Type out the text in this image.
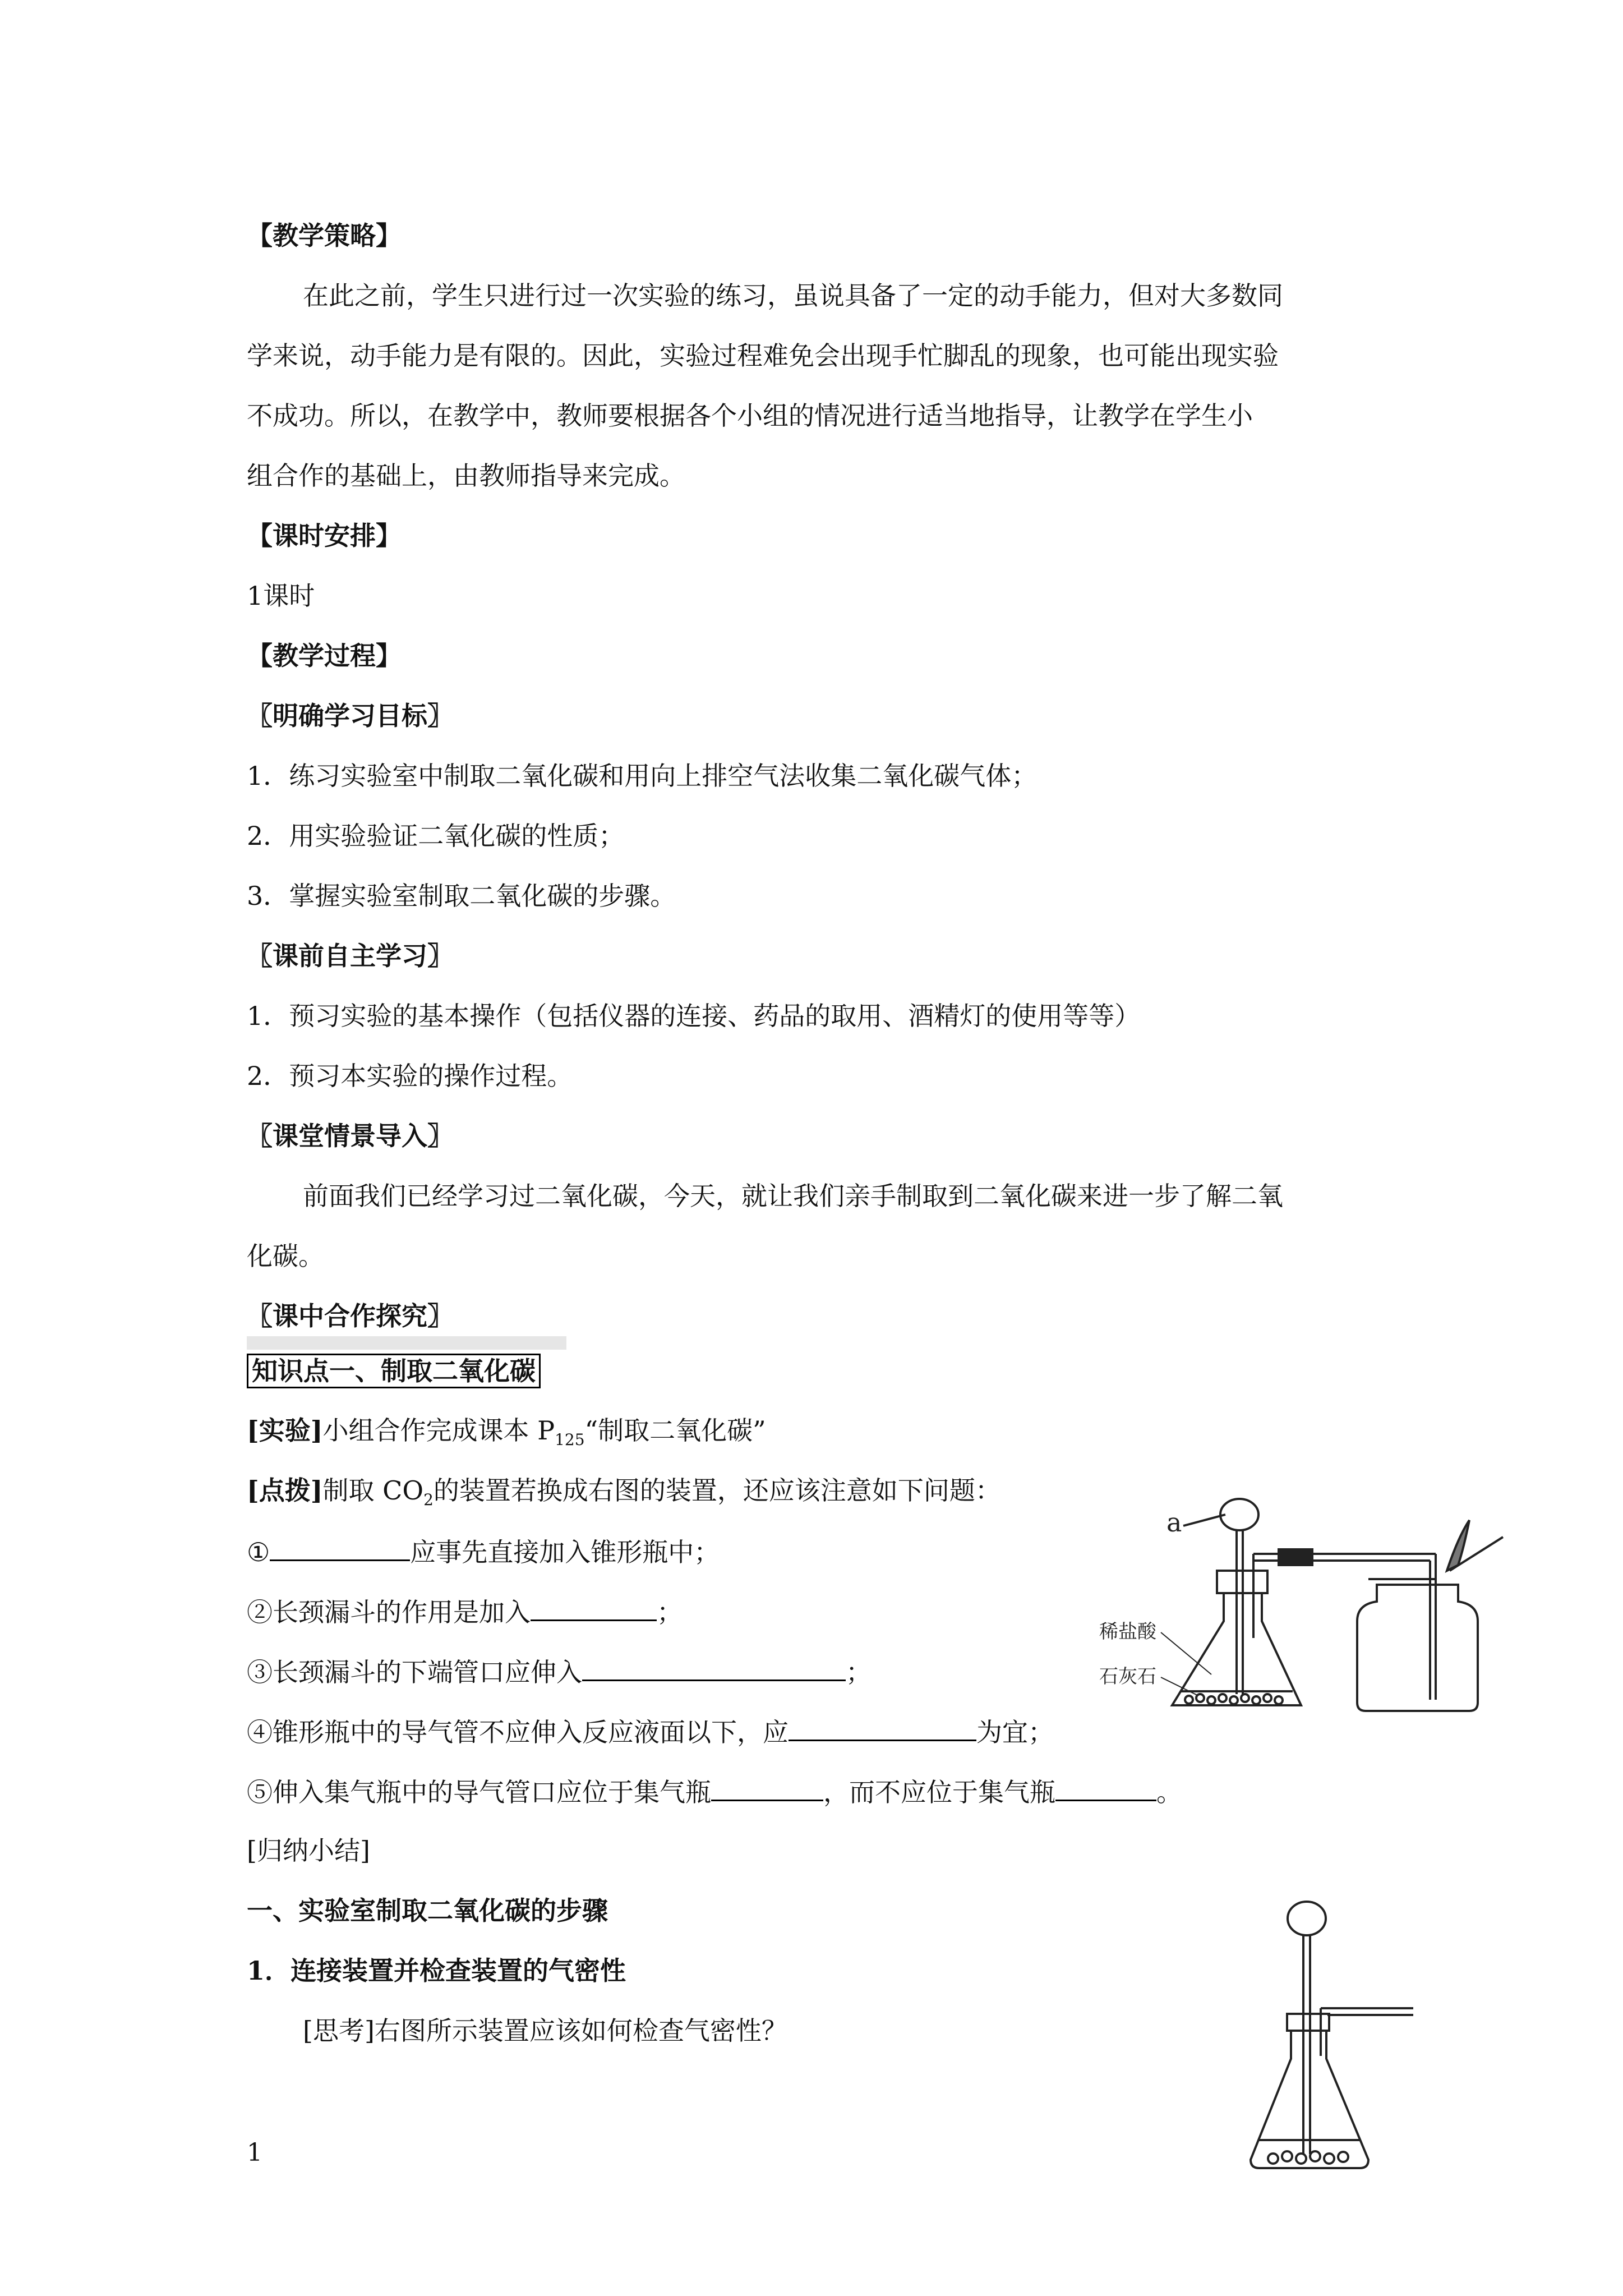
【教学策略】
在此之前，学生只进行过一次实验的练习，虽说具备了一定的动手能力，但对大多数同
学来说，动手能力是有限的。因此，实验过程难免会出现手忙脚乱的现象，也可能出现实验
不成功。所以，在教学中，教师要根据各个小组的情况进行适当地指导，让教学在学生小
组合作的基础上，由教师指导来完成。
【课时安排】
1课时
【教学过程】
〖明确学习目标〗
1．练习实验室中制取二氧化碳和用向上排空气法收集二氧化碳气体；
2．用实验验证二氧化碳的性质；
3．掌握实验室制取二氧化碳的步骤。
〖课前自主学习〗
1．预习实验的基本操作（包括仪器的连接、药品的取用、酒精灯的使用等等）
2．预习本实验的操作过程。
〖课堂情景导入〗
前面我们已经学习过二氧化碳，今天，就让我们亲手制取到二氧化碳来进一步了解二氧
化碳。
〖课中合作探究〗
知识点一、制取二氧化碳
[实验]小组合作完成课本 $P_{125}“$制取二氧化碳”
[点拨]制取 $CO_2$的装置若换成右图的装置，还应该注意如下问题：
①	应事先直接加入锥形瓶中；
②长颈漏斗的作用是加入	；
③长颈漏斗的下端管口应伸入	；
④锥形瓶中的导气管不应伸入反应液面以下，应	为宜；
⑤伸入集气瓶中的导气管口应位于集气瓶	，而不应位于集气瓶	。
[归纳小结]
一、实验室制取二氧化碳的步骤
1．连接装置并检查装置的气密性
[思考]右图所示装置应该如何检查气密性？
1
a
稀盐酸
石灰石
